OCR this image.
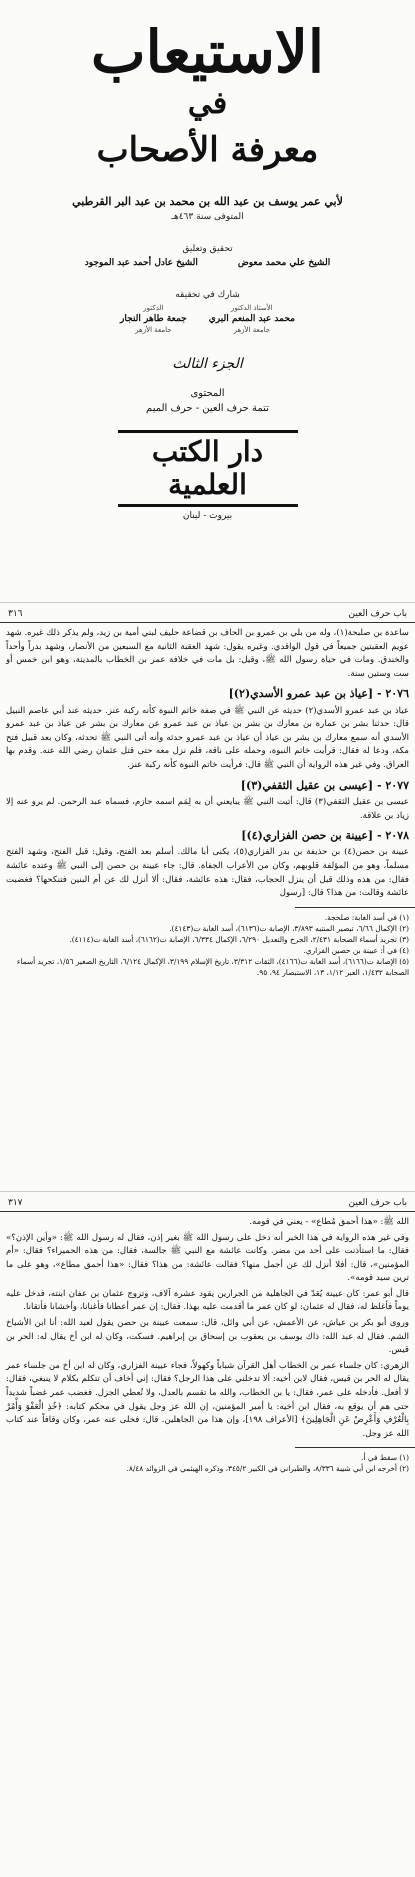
الاستيعاب
في
معرفة الأصحاب
لأبي عمر يوسف بن عبد الله بن محمد بن عبد البر القرطبي
المتوفى سنة ٤٦٣هـ
تحقيق وتعليق
الشيخ علي محمد معوض
الشيخ عادل أحمد عبد الموجود
شارك في تحقيقه
الأستاذ الدكتور
محمد عبد المنعم البري
جامعة الأزهر
الدكتور
جمعة طاهر النجار
جامعة الأزهر
الجزء الثالث
المحتوى
تتمة حرف العين - حرف الميم
دار الكتب العلمية
بيروت - لبنان
باب حرف العين
٣١٦

ساعدة بن صلبحة(١)، وله من بلي بن عمرو بن الحاف بن قضاعة حليف لبني أمية بن زيد، ولم يذكر ذلك غيره. شهد عويم العقبتين جميعاً في قول الواقدي. وغيره يقول: شهد العقبة الثانية مع السبعين من الأنصار، وشهد بدراً وأحداً والخندق. ومات في حياة رسول الله ﷺ، وقيل: بل مات في خلافة عمر بن الخطاب بالمدينة، وهو ابن خمس أو ست وستين سنة.

٢٠٧٦ - [عياذ بن عبد عمرو الأسدي(٢)]

عياذ بن عبد عمرو الأسدي(٢) حديثه عن النبي ﷺ في صفة خاتم النبوة كأنه ركبة عنز. حديثه عند أبي عاصم النبيل قال: حدثنا بشر بن عمارة بن معارك بن بشر بن عياذ بن عبد عمرو عن معارك بن بشر عن عياذ بن عبد عمرو الأسدي أنه سمع معارك بن بشر بن عياذ أن عياذ بن عبد عمرو حدثه وأنه أتى النبي ﷺ تحدثه، وكان بعد قبيل فتح مكة، ودعا له فقال: قرأيت خاتم النبوة، وحمله على ناقة، فلم نزل معه حتى قتل عثمان رضي الله عنه. وقدم بها العراق. وفي غير هذه الرواية أن النبي ﷺ قال: فرأيت خاتم النبوة كأنه ركبة عنز.

٢٠٧٧ - [عيسى بن عقيل الثقفي(٣)]

عيسى بن عقيل الثقفي(٣) قال: أتيت النبي ﷺ يبايعني أن به لِمَم اسمه حازم، فسماه عبد الرحمن. لم يرو عنه إلا زياد بن علاقة.

٢٠٧٨ - [عيينة بن حصن الفزاري(٤)]

عيينة بن حصن(٤) بن حذيفة بن بدر الفزاري(٥)، يكنى أبا مالك. أسلم بعد الفتح، وقيل: قبل الفتح، وشهد الفتح مسلماً، وهو من المؤلفة قلوبهم، وكان من الأعراب الجفاة. قال: جاء عيينة بن حصن إلى النبي ﷺ وعنده عائشة فقال: من هذه وذلك قبل أن ينزل الحجاب، فقال: هذه عائشة، فقال: ألا أنزل لك عن أم البنين فتنكحها؟ فغضبت عائشة وقالت: من هذا؟ قال: [رسول

(١) في أسد الغابة: صلحجة.

(٢) الإكمال ٦/٦٦، تبصير المنتبه ٣/٨٩٣، الإصابة ت(٦١٣٦)، أسد الغابة ت(٤١٤٣).

(٣) تجريد أسماء الصحابة ٢/٤٣١، الجرح والتعديل ٦/٢٩٠، الإكمال ٦/٣٣٤، الإصابة ت(٦١٦٢)، أسد الغابة ت(٤١١٤).

(٤) في أ: عيينة بن حصين الفزاري.

(٥) الإصابة ت(٦١٦٦)، أسد الغابة ت(٤١٦٦)، الثقات ٣/٣١٢، تاريخ الإسلام ٣/١٩٩، الإكمال ٦/١٢٤، التاريخ الصغير ١/٥٦، تجريد أسماء الصحابة ١/٤٣٢، العبر ١/١٢، ١٣، الاستبصار ٩٤، ٩٥.

باب حرف العين
٣١٧

الله ﷺ: «هذا أحمق مُطاع» - يعني في قومه.

وفي غير هذه الرواية في هذا الخبر أنه دخل على رسول الله ﷺ بغير إذن، فقال له رسول الله ﷺ: «وأين الإذن؟» فقال: ما استأذنت على أحد من مضر. وكانت عائشة مع النبي ﷺ جالسة، فقال: من هذه الحميراء؟ فقال: «أم المؤمنين»، قال: أفلا أنزل لك عن أجمل منها؟ فقالت عائشة: من هذا؟ فقال: «هذا أحمق مطاع»، وهو على ما ترين سيد قومه».

قال أبو عمر: كان عيينة يُعَدّ في الجاهلية من الجرارين يقود عشرة آلاف، وتزوج عثمان بن عفان ابنته، فدخل عليه يوماً فأغلظ له، فقال له عثمان: لو كان عمر ما أقدمت عليه بهذا. فقال: إن عمر أعطانا فأغنانا، وأخشانا فأتقانا.

وروى أبو بكر بن عياش، عن الأعمش، عن أبي وائل، قال: سمعت عيينة بن حصن يقول لعبد الله: أنا ابن الأشياخ الشم. فقال له عبد الله: ذاك يوسف بن يعقوب بن إسحاق بن إبراهيم. فسكت، وكان له ابن أخ يقال له: الحر بن قيس.

الزهري: كان جلساء عمر بن الخطاب أهل القرآن شباباً وكهولاً، فجاء عيينة الفزاري، وكان له ابن أخ من جلساء عمر يقال له الحر بن قيس، فقال لابن أخيه: ألا تدخلني على هذا الرجل؟ فقال: إني أخاف أن تتكلم بكلام لا ينبغي، فقال: لا أفعل. فأدخله على عمر، فقال: يا بن الخطاب، والله ما تقسم بالعدل، ولا تُعطي الجزل. فغضب عمر غضباً شديداً حتى هم أن يوقع به، فقال ابن أخيه: يا أمير المؤمنين، إن الله عز وجل يقول في محكم كتابه: ﴿خُذِ الْعَفْوَ وَأْمُرْ بِالْعُرْفِ وَأَعْرِضْ عَنِ الْجَاهِلِينَ﴾ [الأعراف ١٩٨]، وإن هذا من الجاهلين. قال: فخلى عنه عمر، وكان وقافاً عند كتاب الله عز وجل.

(١) سقط في أ.

(٢) أخرجه ابن أبي شيبة ٨/٣٣٦، والطبراني في الكبير ٣٤٥/٢، وذكره الهيثمي في الزوائد ٨/٤٨.
